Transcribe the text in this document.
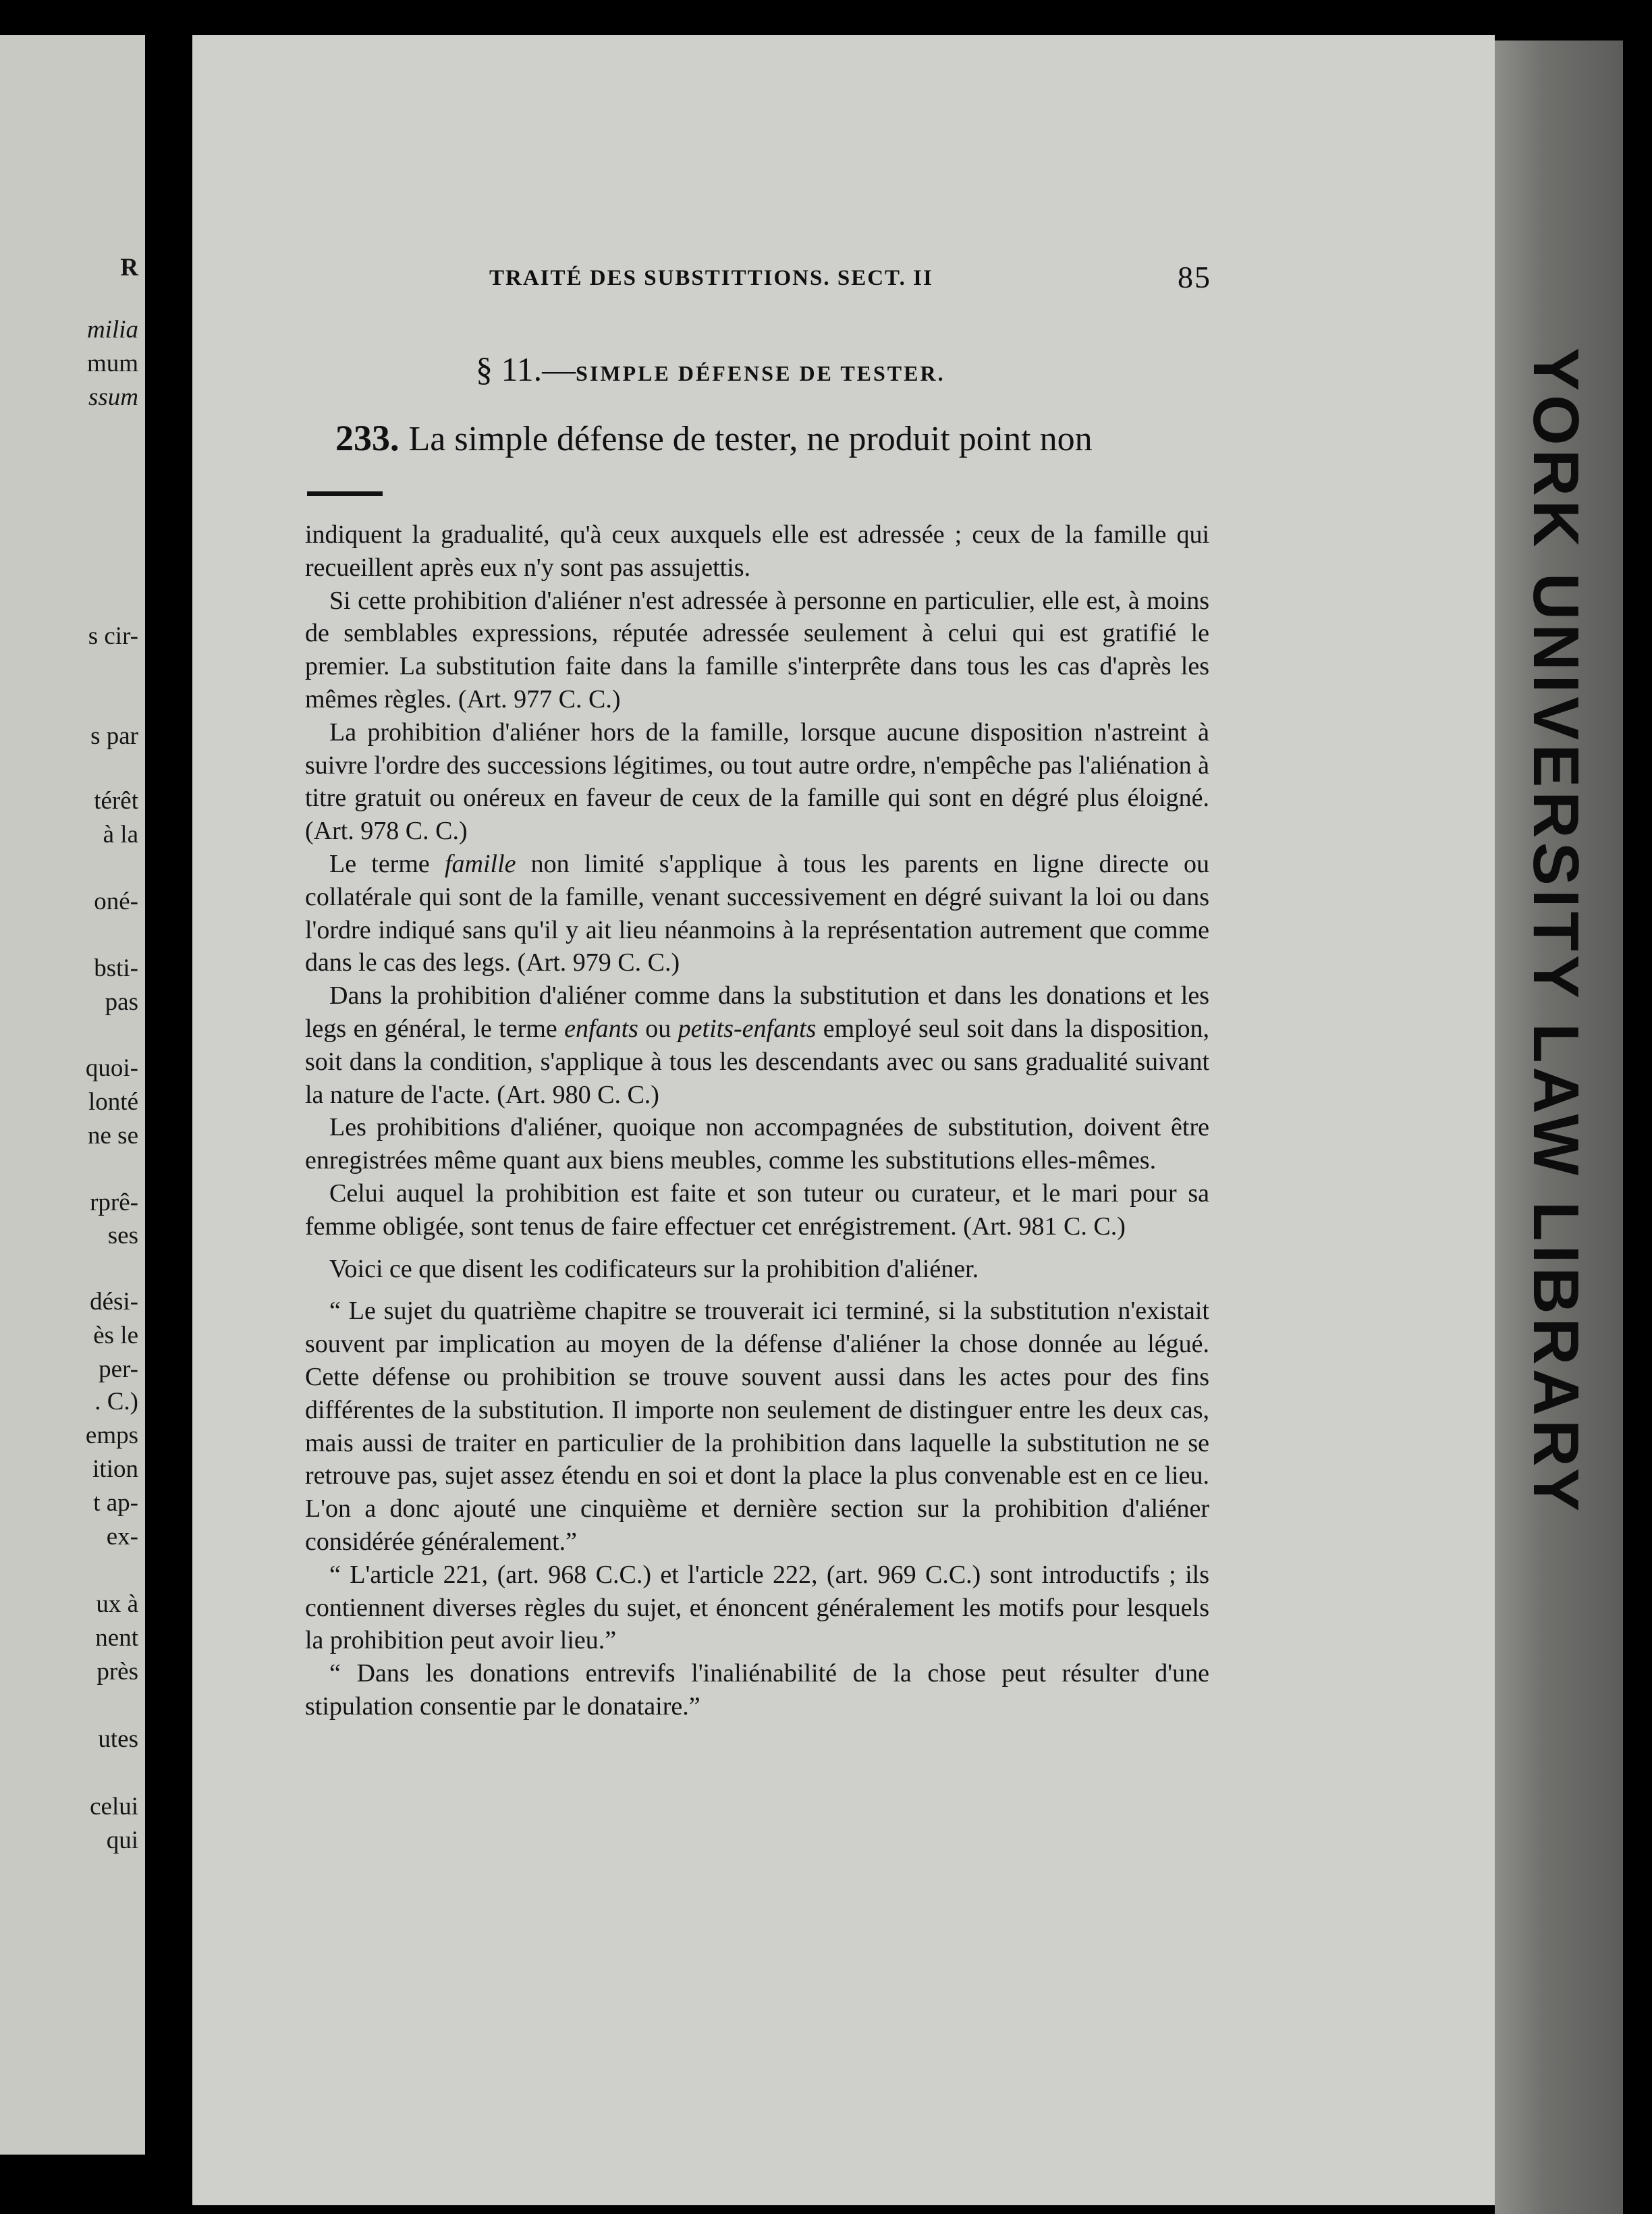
R
milia
mum
ssum
s cir-
s par
térêt
à la
oné-
bsti-
pas
quoi-
lonté
ne se
rprê-
ses
dési-
ès le
per-
. C.)
emps
ition
t ap-
ex-
ux à
nent
près
utes
celui
qui
YORK UNIVERSITY LAW LIBRARY
TRAITÉ DES SUBSTITTIONS. SECT. II	85
§ 11.—SIMPLE DÉFENSE DE TESTER.
233. La simple défense de tester, ne produit point non

indiquent la gradualité, qu'à ceux auxquels elle est adressée ; ceux de la famille qui recueillent après eux n'y sont pas assujettis.

Si cette prohibition d'aliéner n'est adressée à personne en particulier, elle est, à moins de semblables expressions, réputée adressée seulement à celui qui est gratifié le premier. La substitution faite dans la famille s'interprête dans tous les cas d'après les mêmes règles. (Art. 977 C. C.)

La prohibition d'aliéner hors de la famille, lorsque aucune disposition n'astreint à suivre l'ordre des successions légitimes, ou tout autre ordre, n'empêche pas l'aliénation à titre gratuit ou onéreux en faveur de ceux de la famille qui sont en dégré plus éloigné. (Art. 978 C. C.)

Le terme famille non limité s'applique à tous les parents en ligne directe ou collatérale qui sont de la famille, venant successivement en dégré suivant la loi ou dans l'ordre indiqué sans qu'il y ait lieu néanmoins à la représentation autrement que comme dans le cas des legs. (Art. 979 C. C.)

Dans la prohibition d'aliéner comme dans la substitution et dans les donations et les legs en général, le terme enfants ou petits-enfants employé seul soit dans la disposition, soit dans la condition, s'applique à tous les descendants avec ou sans gradualité suivant la nature de l'acte. (Art. 980 C. C.)

Les prohibitions d'aliéner, quoique non accompagnées de substitution, doivent être enregistrées même quant aux biens meubles, comme les substitutions elles-mêmes.

Celui auquel la prohibition est faite et son tuteur ou curateur, et le mari pour sa femme obligée, sont tenus de faire effectuer cet enrégistrement. (Art. 981 C. C.)

Voici ce que disent les codificateurs sur la prohibition d'aliéner.

“ Le sujet du quatrième chapitre se trouverait ici terminé, si la substitution n'existait souvent par implication au moyen de la défense d'aliéner la chose donnée au légué. Cette défense ou prohibition se trouve souvent aussi dans les actes pour des fins différentes de la substitution. Il importe non seulement de distinguer entre les deux cas, mais aussi de traiter en particulier de la prohibition dans laquelle la substitution ne se retrouve pas, sujet assez étendu en soi et dont la place la plus convenable est en ce lieu. L'on a donc ajouté une cinquième et dernière section sur la prohibition d'aliéner considérée généralement.”

“ L'article 221, (art. 968 C.C.) et l'article 222, (art. 969 C.C.) sont introductifs ; ils contiennent diverses règles du sujet, et énoncent généralement les motifs pour lesquels la prohibition peut avoir lieu.”

“ Dans les donations entrevifs l'inaliénabilité de la chose peut résulter d'une stipulation consentie par le donataire.”
